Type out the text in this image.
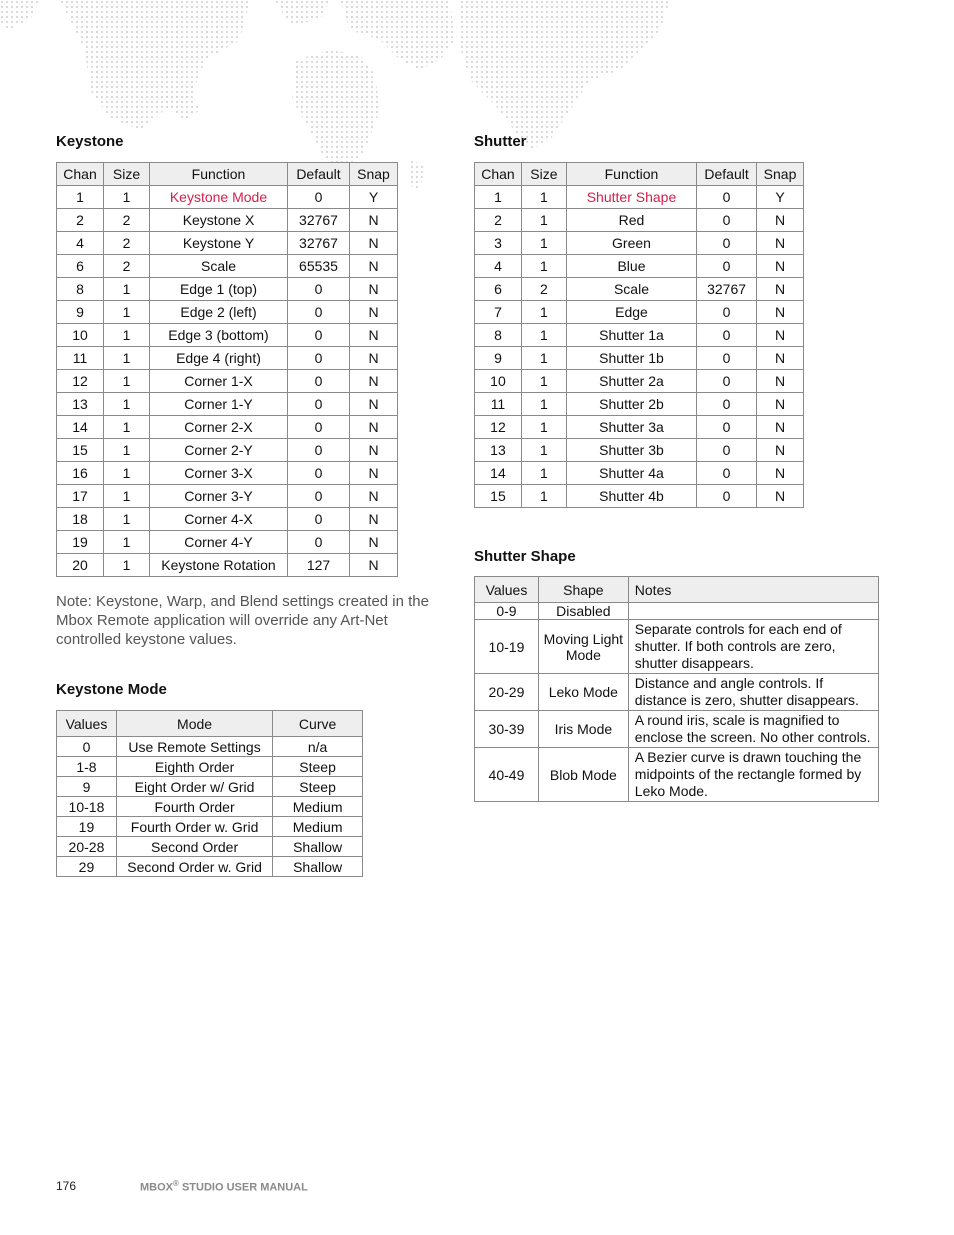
Keystone
Chan	Size	Function	Default	Snap
1	1	Keystone Mode	0	Y
2	2	Keystone X	32767	N
4	2	Keystone Y	32767	N
6	2	Scale	65535	N
8	1	Edge 1 (top)	0	N
9	1	Edge 2 (left)	0	N
10	1	Edge 3 (bottom)	0	N
11	1	Edge 4 (right)	0	N
12	1	Corner 1-X	0	N
13	1	Corner 1-Y	0	N
14	1	Corner 2-X	0	N
15	1	Corner 2-Y	0	N
16	1	Corner 3-X	0	N
17	1	Corner 3-Y	0	N
18	1	Corner 4-X	0	N
19	1	Corner 4-Y	0	N
20	1	Keystone Rotation	127	N
Note: Keystone, Warp, and Blend settings created in the Mbox Remote application will override any Art-Net controlled keystone values.
Keystone Mode
Values	Mode	Curve
0	Use Remote Settings	n/a
1-8	Eighth Order	Steep
9	Eight Order w/ Grid	Steep
10-18	Fourth Order	Medium
19	Fourth Order w. Grid	Medium
20-28	Second Order	Shallow
29	Second Order w. Grid	Shallow
Shutter
Chan	Size	Function	Default	Snap
1	1	Shutter Shape	0	Y
2	1	Red	0	N
3	1	Green	0	N
4	1	Blue	0	N
6	2	Scale	32767	N
7	1	Edge	0	N
8	1	Shutter 1a	0	N
9	1	Shutter 1b	0	N
10	1	Shutter 2a	0	N
11	1	Shutter 2b	0	N
12	1	Shutter 3a	0	N
13	1	Shutter 3b	0	N
14	1	Shutter 4a	0	N
15	1	Shutter 4b	0	N
Shutter Shape
Values	Shape	Notes
0-9	Disabled	
10-19	Moving Light Mode	Separate controls for each end of shutter. If both controls are zero, shutter disappears.
20-29	Leko Mode	Distance and angle controls. If distance is zero, shutter disappears.
30-39	Iris Mode	A round iris, scale is magnified to enclose the screen. No other controls.
40-49	Blob Mode	A Bezier curve is drawn touching the midpoints of the rectangle formed by Leko Mode.
176	MBOX® STUDIO USER MANUAL
